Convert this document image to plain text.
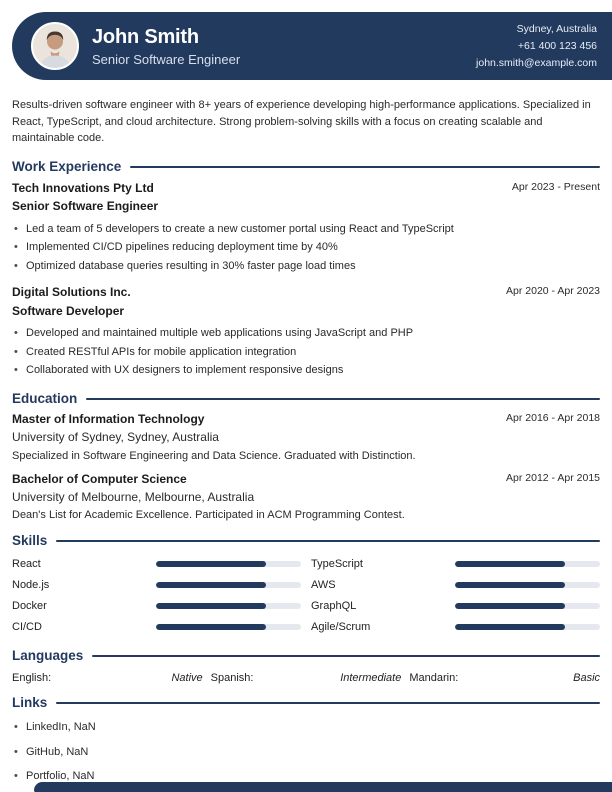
John Smith
Senior Software Engineer
Sydney, Australia
+61 400 123 456
john.smith@example.com

Results-driven software engineer with 8+ years of experience developing high-performance applications. Specialized in React, TypeScript, and cloud architecture. Strong problem-solving skills with a focus on creating scalable and maintainable code.

Work Experience
Tech Innovations Pty Ltd	Apr 2023 - Present
Senior Software Engineer
• Led a team of 5 developers to create a new customer portal using React and TypeScript
• Implemented CI/CD pipelines reducing deployment time by 40%
• Optimized database queries resulting in 30% faster page load times
Digital Solutions Inc.	Apr 2020 - Apr 2023
Software Developer
• Developed and maintained multiple web applications using JavaScript and PHP
• Created RESTful APIs for mobile application integration
• Collaborated with UX designers to implement responsive designs
Education
Master of Information Technology	Apr 2016 - Apr 2018
University of Sydney, Sydney, Australia
Specialized in Software Engineering and Data Science. Graduated with Distinction.
Bachelor of Computer Science	Apr 2012 - Apr 2015
University of Melbourne, Melbourne, Australia
Dean's List for Academic Excellence. Participated in ACM Programming Contest.
Skills
React	TypeScript
Node.js	AWS
Docker	GraphQL
CI/CD	Agile/Scrum
Languages
English:	Native Spanish:	Intermediate Mandarin:	Basic
Links
• LinkedIn, NaN
• GitHub, NaN
• Portfolio, NaN
